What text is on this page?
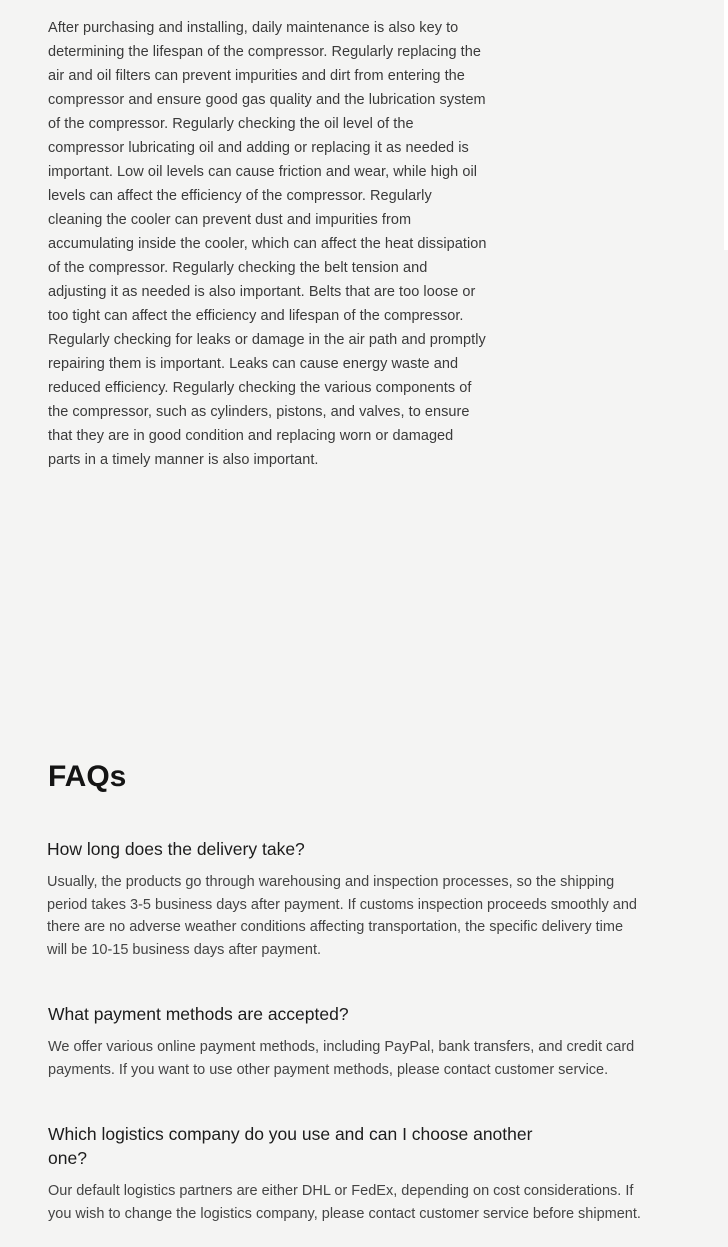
After purchasing and installing, daily maintenance is also key to determining the lifespan of the compressor. Regularly replacing the air and oil filters can prevent impurities and dirt from entering the compressor and ensure good gas quality and the lubrication system of the compressor. Regularly checking the oil level of the compressor lubricating oil and adding or replacing it as needed is important. Low oil levels can cause friction and wear, while high oil levels can affect the efficiency of the compressor. Regularly cleaning the cooler can prevent dust and impurities from accumulating inside the cooler, which can affect the heat dissipation of the compressor. Regularly checking the belt tension and adjusting it as needed is also important. Belts that are too loose or too tight can affect the efficiency and lifespan of the compressor. Regularly checking for leaks or damage in the air path and promptly repairing them is important. Leaks can cause energy waste and reduced efficiency. Regularly checking the various components of the compressor, such as cylinders, pistons, and valves, to ensure that they are in good condition and replacing worn or damaged parts in a timely manner is also important.

FAQs
How long does the delivery take?

Usually, the products go through warehousing and inspection processes, so the shipping period takes 3-5 business days after payment. If customs inspection proceeds smoothly and there are no adverse weather conditions affecting transportation, the specific delivery time will be 10-15 business days after payment.

What payment methods are accepted?

We offer various online payment methods, including PayPal, bank transfers, and credit card payments. If you want to use other payment methods, please contact customer service.

Which logistics company do you use and can I choose another one?

Our default logistics partners are either DHL or FedEx, depending on cost considerations. If you wish to change the logistics company, please contact customer service before shipment.
